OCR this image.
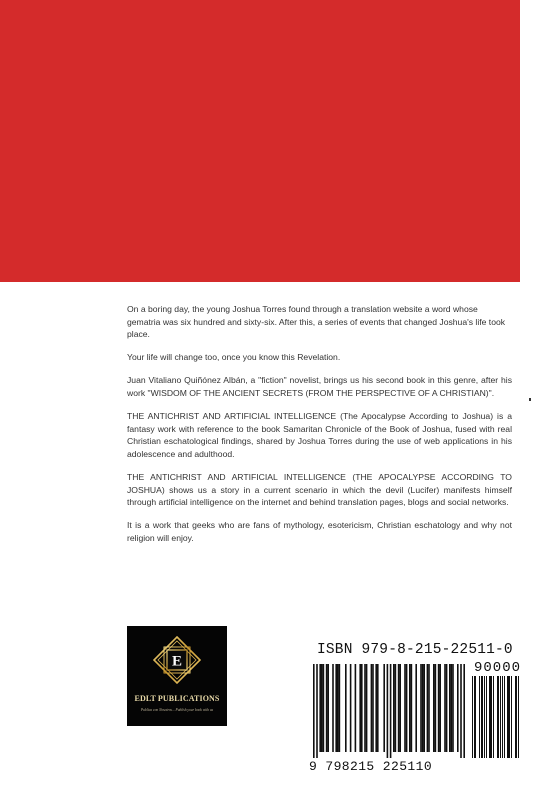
On a boring day, the young Joshua Torres found through a translation website a word whose gematria was six hundred and sixty-six. After this, a series of events that changed Joshua's life took place.

Your life will change too, once you know this Revelation.

Juan Vitaliano Quiñónez Albán, a "fiction" novelist, brings us his second book in this genre, after his work "WISDOM OF THE ANCIENT SECRETS (FROM THE PERSPECTIVE OF A CHRISTIAN)".

THE ANTICHRIST AND ARTIFICIAL INTELLIGENCE (The Apocalypse According to Joshua) is a fantasy work with reference to the book Samaritan Chronicle of the Book of Joshua, fused with real Christian eschatological findings, shared by Joshua Torres during the use of web applications in his adolescence and adulthood.

THE ANTICHRIST AND ARTIFICIAL INTELLIGENCE (THE APOCALYPSE ACCORDING TO JOSHUA) shows us a story in a current scenario in which the devil (Lucifer) manifests himself through artificial intelligence on the internet and behind translation pages, blogs and social networks.

It is a work that geeks who are fans of mythology, esotericism, Christian eschatology and why not religion will enjoy.

E
EDLT PUBLICATIONS
Publica con Nosotros... Publish your book with us
ISBN 979-8-215-22511-0
90000
9 798215 225110
